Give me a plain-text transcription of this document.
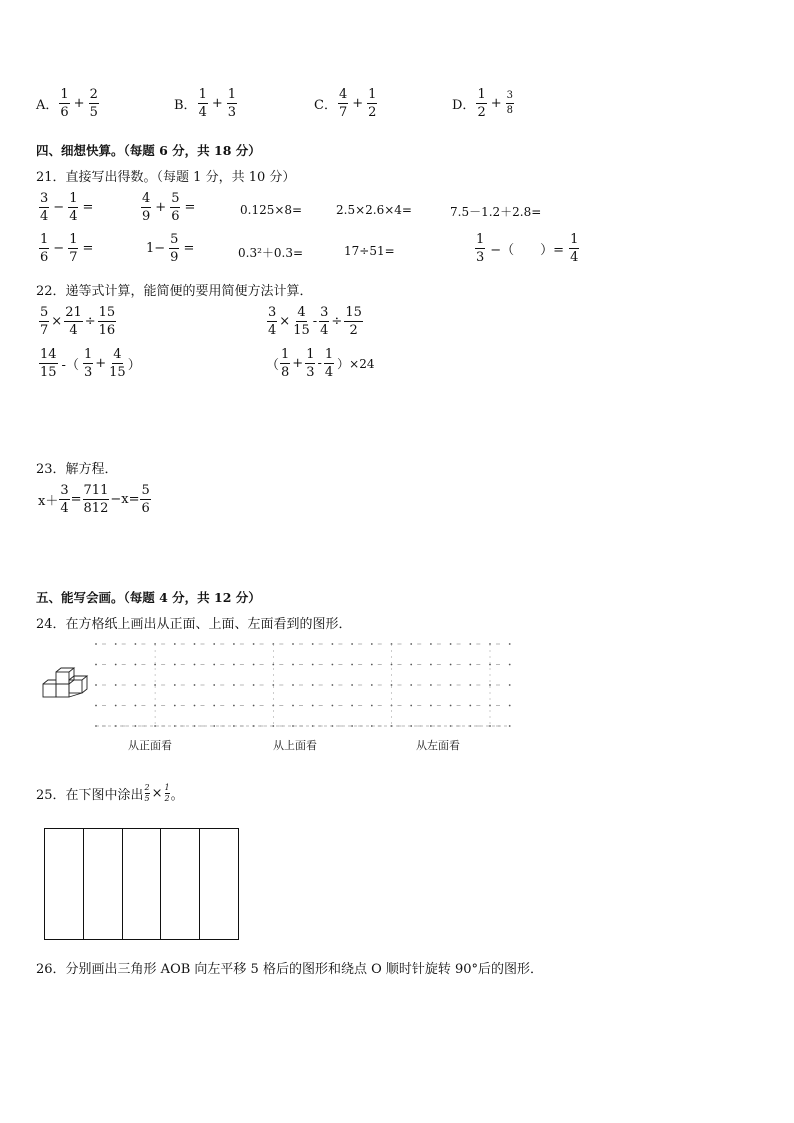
A． $\frac{1}{6} + \frac{2}{5}$	B． $\frac{1}{4} + \frac{1}{3}$	C． $\frac{4}{7} + \frac{1}{2}$	D． $\frac{1}{2} + \frac{3}{8}$
四、细想快算。（每题 6 分，共 18 分）
21．直接写出得数。（每题 1 分，共 10 分）
$\frac{3}{4} - \frac{1}{4}$ =	$\frac{4}{9} + \frac{5}{6}$ =	0.125×8=	2.5×2.6×4=	7.5－1.2＋2.8=
$\frac{1}{6} - \frac{1}{7}$ =	$1- \frac{5}{9}$ =	0.3²＋0.3=	17÷51=	$\frac{1}{3}$ −（　　）= $\frac{1}{4}$
22．递等式计算，能简便的要用简便方法计算．
$\frac{5}{7} \times \frac{21}{4} \div \frac{15}{16}$	$\frac{3}{4} \times \frac{4}{15} - \frac{3}{4} \div \frac{15}{2}$
$\frac{14}{15}$ -（ $\frac{1}{3} + \frac{4}{15}$ ）	（ $\frac{1}{8} + \frac{1}{3} - \frac{1}{4} )\times 24$
23．解方程．
$x+ \frac{3}{4} = \frac{711}{812} -x= \frac{5}{6}$
五、能写会画。（每题 4 分，共 12 分）
24．在方格纸上画出从正面、上面、左面看到的图形．
从正面看	从上面看	从左面看
25．在下图中涂出 $\frac{2}{5} \times \frac{1}{2}$ 。
26．分别画出三角形 AOB 向左平移 5 格后的图形和绕点 O 顺时针旋转 90°后的图形．
